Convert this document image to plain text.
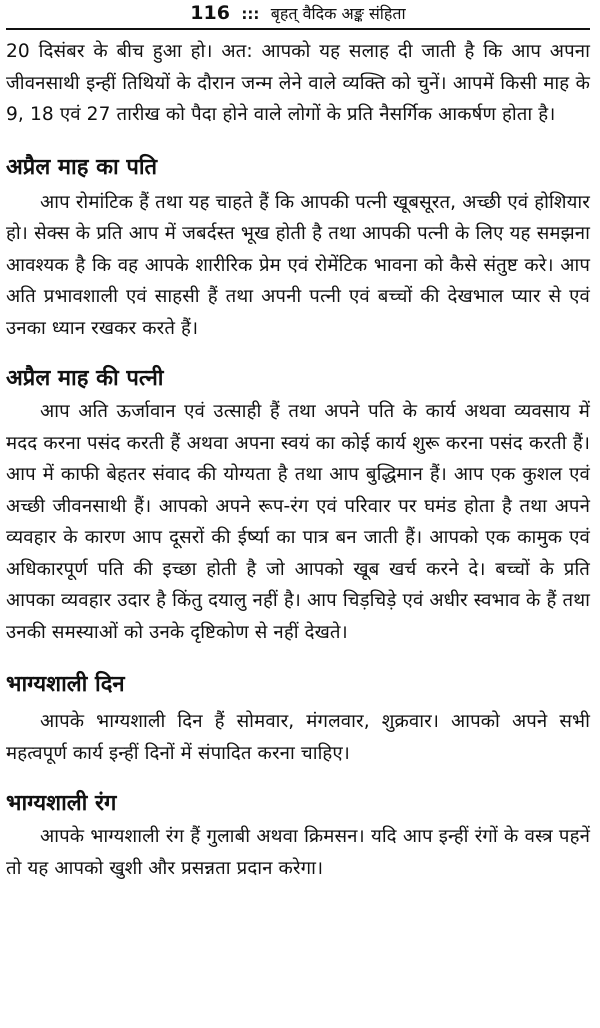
116 ::: बृहत् वैदिक अङ्क संहिता

20 दिसंबर के बीच हुआ हो। अत: आपको यह सलाह दी जाती है कि आप अपना जीवनसाथी इन्हीं तिथियों के दौरान जन्म लेने वाले व्यक्ति को चुनें। आपमें किसी माह के 9, 18 एवं 27 तारीख को पैदा होने वाले लोगों के प्रति नैसर्गिक आकर्षण होता है।

अप्रैल माह का पति

आप रोमांटिक हैं तथा यह चाहते हैं कि आपकी पत्नी खूबसूरत, अच्छी एवं होशियार हो। सेक्स के प्रति आप में जबर्दस्त भूख होती है तथा आपकी पत्नी के लिए यह समझना आवश्यक है कि वह आपके शारीरिक प्रेम एवं रोमेंटिक भावना को कैसे संतुष्ट करे। आप अति प्रभावशाली एवं साहसी हैं तथा अपनी पत्नी एवं बच्चों की देखभाल प्यार से एवं उनका ध्यान रखकर करते हैं।

अप्रैल माह की पत्नी

आप अति ऊर्जावान एवं उत्साही हैं तथा अपने पति के कार्य अथवा व्यवसाय में मदद करना पसंद करती हैं अथवा अपना स्वयं का कोई कार्य शुरू करना पसंद करती हैं। आप में काफी बेहतर संवाद की योग्यता है तथा आप बुद्धिमान हैं। आप एक कुशल एवं अच्छी जीवनसाथी हैं। आपको अपने रूप-रंग एवं परिवार पर घमंड होता है तथा अपने व्यवहार के कारण आप दूसरों की ईर्ष्या का पात्र बन जाती हैं। आपको एक कामुक एवं अधिकारपूर्ण पति की इच्छा होती है जो आपको खूब खर्च करने दे। बच्चों के प्रति आपका व्यवहार उदार है किंतु दयालु नहीं है। आप चिड़चिड़े एवं अधीर स्वभाव के हैं तथा उनकी समस्याओं को उनके दृष्टिकोण से नहीं देखते।

भाग्यशाली दिन

आपके भाग्यशाली दिन हैं सोमवार, मंगलवार, शुक्रवार। आपको अपने सभी महत्वपूर्ण कार्य इन्हीं दिनों में संपादित करना चाहिए।

भाग्यशाली रंग

आपके भाग्यशाली रंग हैं गुलाबी अथवा क्रिमसन। यदि आप इन्हीं रंगों के वस्त्र पहनें तो यह आपको खुशी और प्रसन्नता प्रदान करेगा।
